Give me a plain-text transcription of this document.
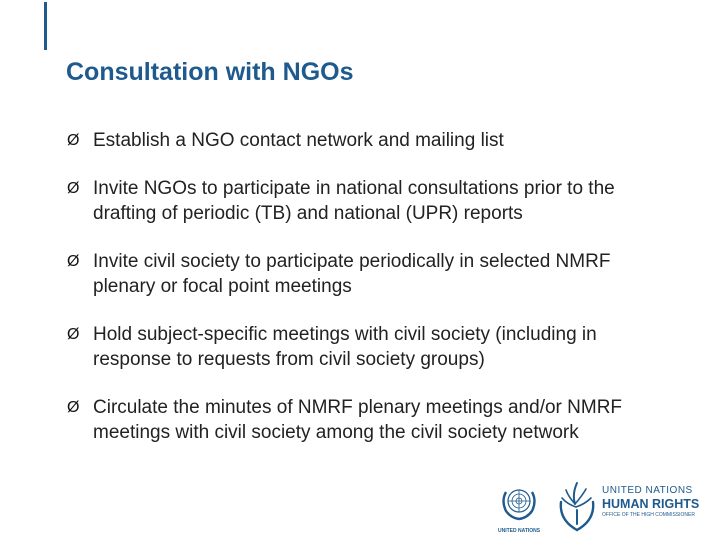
Consultation with NGOs
Ø Establish a NGO contact network and mailing list
Ø Invite NGOs to participate in national consultations prior to the drafting of periodic (TB) and national (UPR) reports
Ø Invite civil society to participate periodically in selected NMRF plenary or focal point meetings
Ø Hold subject-specific meetings with civil society (including in response to requests from civil society groups)
Ø Circulate the minutes of NMRF plenary meetings and/or NMRF meetings with civil society among the civil society network
UNITED NATIONS
UNITED NATIONS
HUMAN RIGHTS
OFFICE OF THE HIGH COMMISSIONER
